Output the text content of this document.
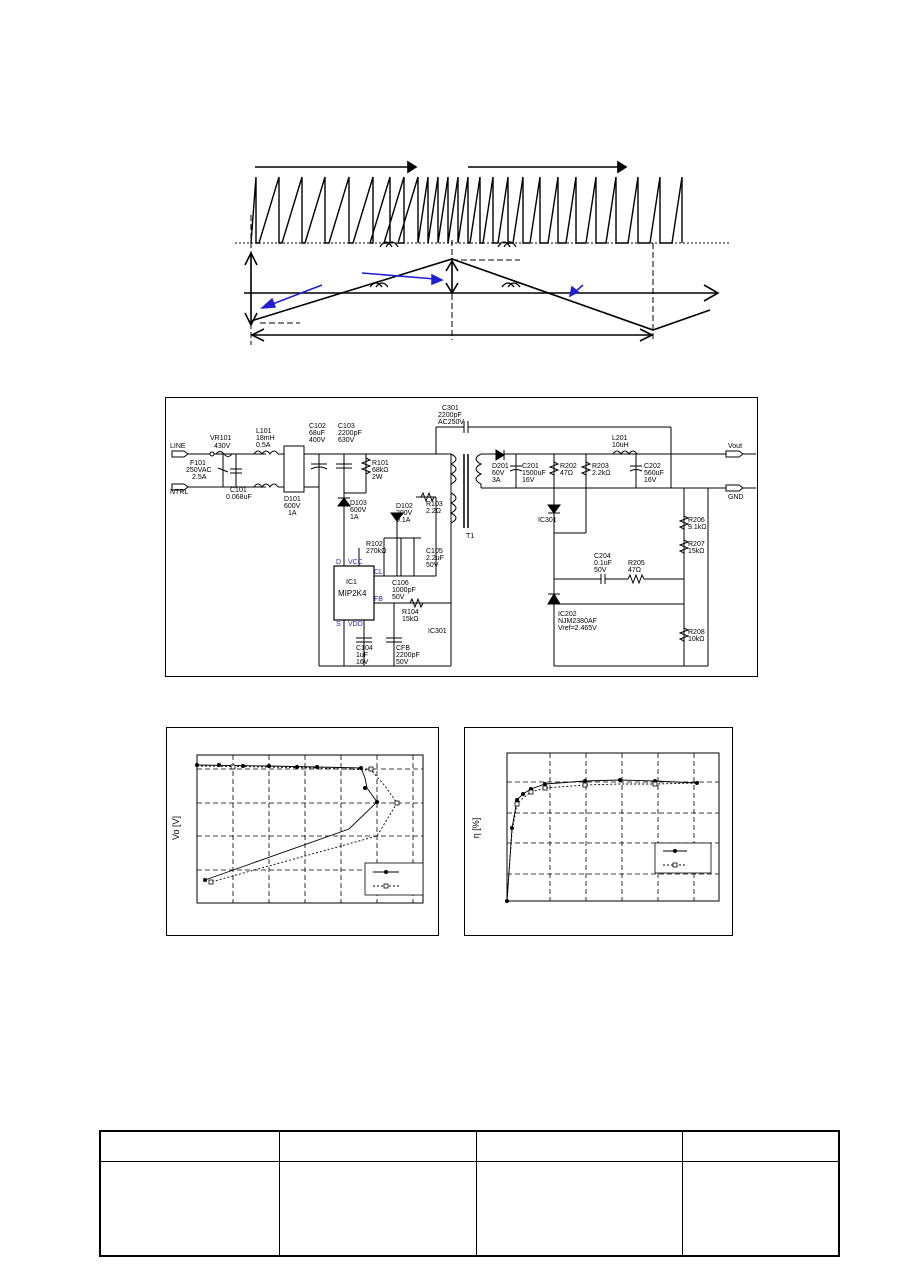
LINE
NTRL
VR101
430V
F101
250VAC
2.5A
C101
0.068uF
L101
18mH
0.5A
D101
600V
1A
C102
68uF
400V
C103
2200pF
630V
R101
68kΩ
2W
C301
2200pF
AC250V
D103
600V
1A
D102
200V
0.1A
R103
2.2Ω
R102
270kΩ	C105
2.2uF
50V
C106
1000pF
50V
IC1
MIP2K4
D VCC
CL
FB
S VDD
R104
15kΩ
IC301
C104
1uF
16V
CFB
2200pF
50V
T1
D201
60V
3A
C201
1500uF
16V
R202
47Ω
R203
2.2kΩ
L201
10uH
C202
560uF
16V
Vout
GND
IC301	R206
9.1kΩ
R207
15kΩ
C204
0.1uF
50V
R205
47Ω
IC202
NJM2380AF
Vref=2.465V
R208
10kΩ
Vo [V]	η [%]
